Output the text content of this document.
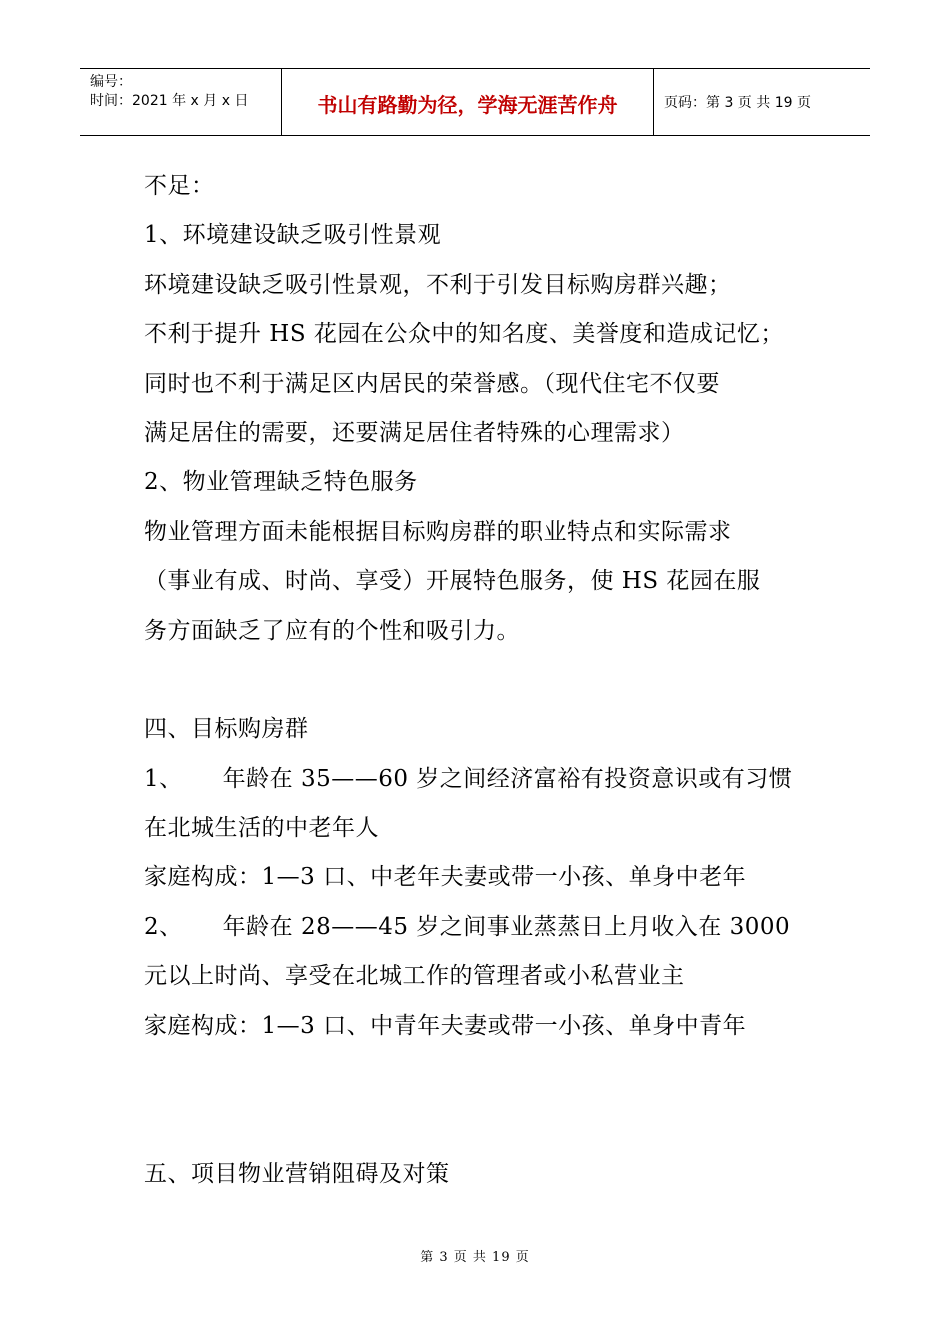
编号：
时间：2021 年 x 月 x 日	书山有路勤为径，学海无涯苦作舟	页码：第 3 页 共 19 页
不足：
1、环境建设缺乏吸引性景观
环境建设缺乏吸引性景观，不利于引发目标购房群兴趣；
不利于提升 HS 花园在公众中的知名度、美誉度和造成记忆；
同时也不利于满足区内居民的荣誉感。（现代住宅不仅要
满足居住的需要，还要满足居住者特殊的心理需求）
2、物业管理缺乏特色服务
物业管理方面未能根据目标购房群的职业特点和实际需求
（事业有成、时尚、享受）开展特色服务，使 HS 花园在服
务方面缺乏了应有的个性和吸引力。
四、目标购房群
1、 年龄在 35——60 岁之间经济富裕有投资意识或有习惯
在北城生活的中老年人
家庭构成：1—3 口、中老年夫妻或带一小孩、单身中老年
2、 年龄在 28——45 岁之间事业蒸蒸日上月收入在 3000
元以上时尚、享受在北城工作的管理者或小私营业主
家庭构成：1—3 口、中青年夫妻或带一小孩、单身中青年
五、项目物业营销阻碍及对策
第 3 页 共 19 页
